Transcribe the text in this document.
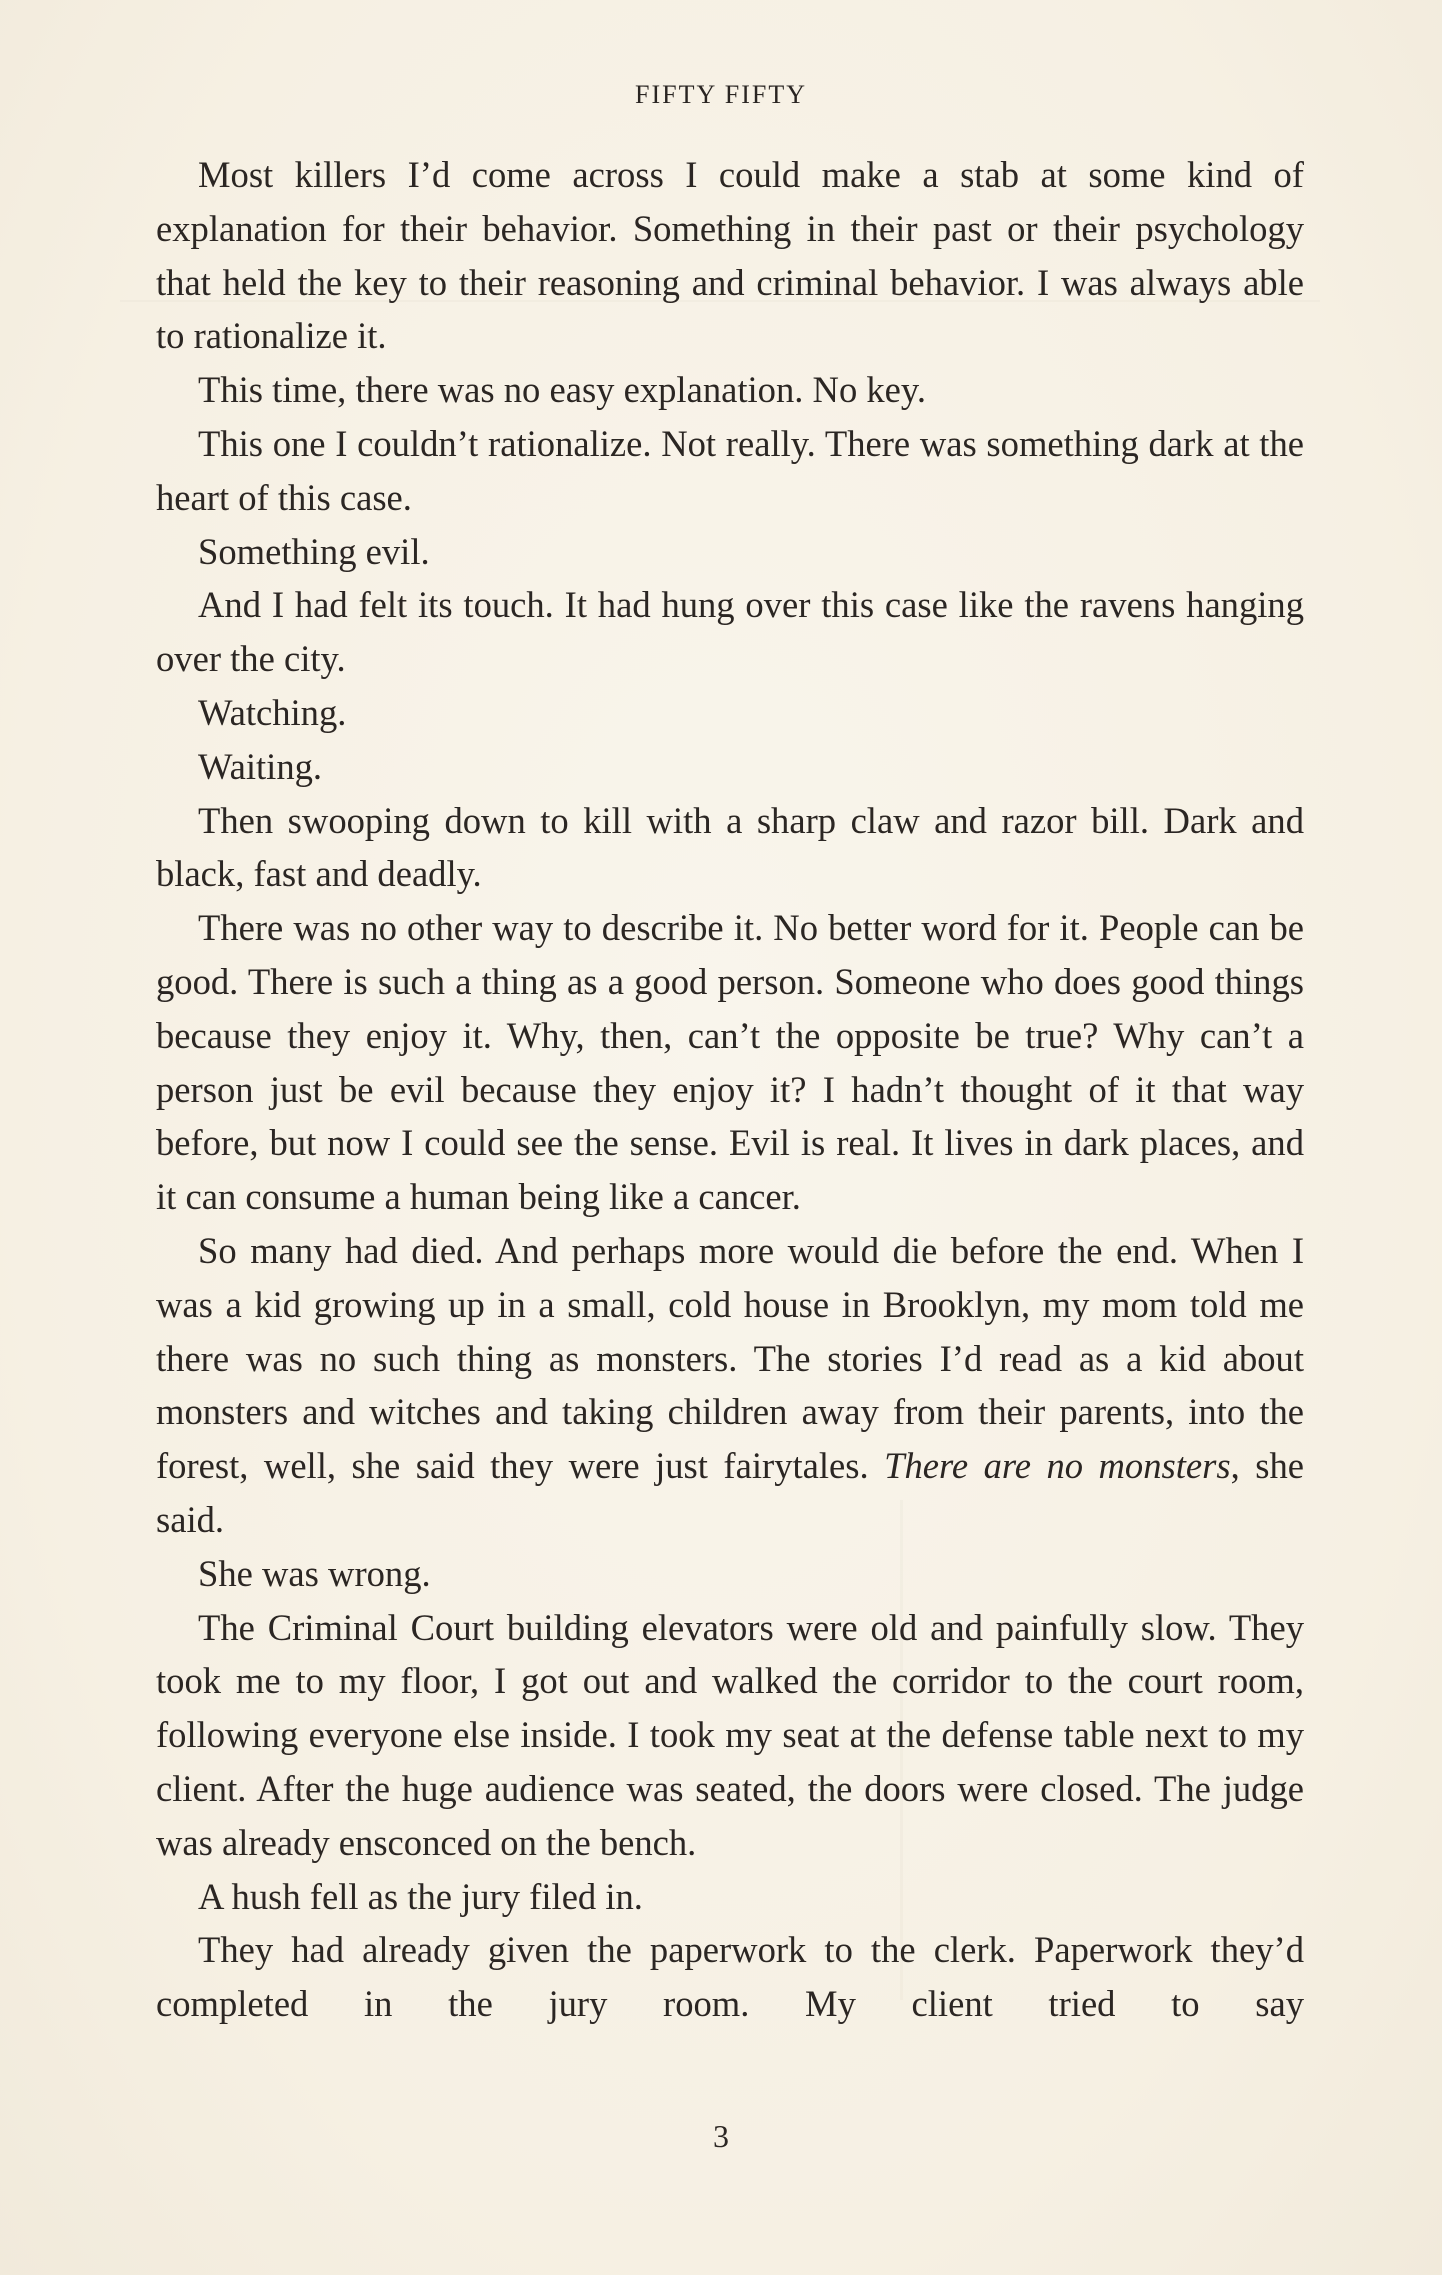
FIFTY FIFTY

Most killers I’d come across I could make a stab at some kind of explanation for their behavior. Something in their past or their psychology that held the key to their reasoning and criminal behavior. I was always able to rationalize it.

This time, there was no easy explanation. No key.

This one I couldn’t rationalize. Not really. There was something dark at the heart of this case.

Something evil.

And I had felt its touch. It had hung over this case like the ravens hanging over the city.

Watching.

Waiting.

Then swooping down to kill with a sharp claw and razor bill. Dark and black, fast and deadly.

There was no other way to describe it. No better word for it. People can be good. There is such a thing as a good person. Someone who does good things because they enjoy it. Why, then, can’t the opposite be true? Why can’t a person just be evil because they enjoy it? I hadn’t thought of it that way before, but now I could see the sense. Evil is real. It lives in dark places, and it can consume a human being like a cancer.

So many had died. And perhaps more would die before the end. When I was a kid growing up in a small, cold house in Brooklyn, my mom told me there was no such thing as monsters. The stories I’d read as a kid about monsters and witches and taking children away from their parents, into the forest, well, she said they were just fairytales. There are no monsters, she said.

She was wrong.

The Criminal Court building elevators were old and painfully slow. They took me to my floor, I got out and walked the corridor to the court room, following everyone else inside. I took my seat at the defense table next to my client. After the huge audience was seated, the doors were closed. The judge was already ensconced on the bench.

A hush fell as the jury filed in.

They had already given the paperwork to the clerk. Paperwork they’d completed in the jury room. My client tried to say

3
